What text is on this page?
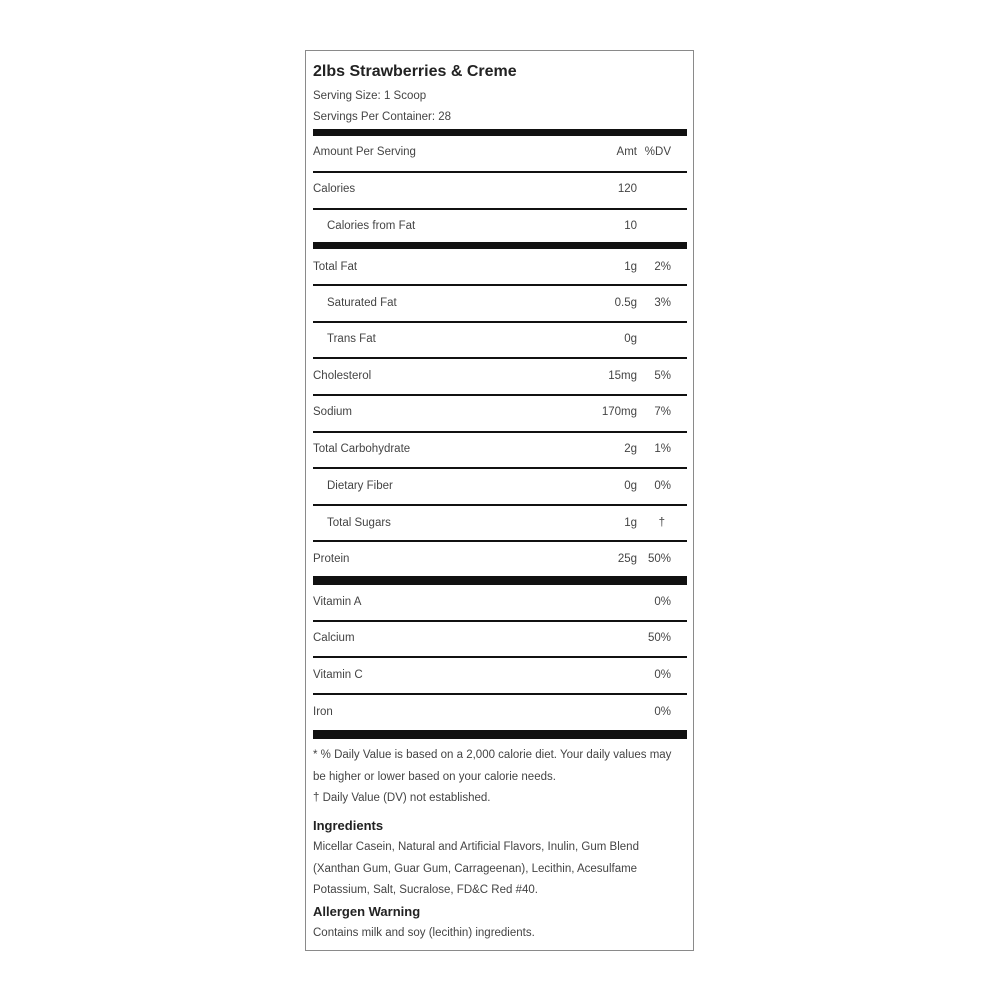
2lbs Strawberries & Creme
Serving Size: 1 Scoop
Servings Per Container: 28
Amount Per Serving	Amt %DV
Calories	120
Calories from Fat	10
Total Fat	1g 2%
Saturated Fat	0.5g 3%
Trans Fat	0g
Cholesterol	15mg 5%
Sodium	170mg 7%
Total Carbohydrate	2g 1%
Dietary Fiber	0g 0%
Total Sugars	1g †
Protein	25g 50%
Vitamin A	0%
Calcium	50%
Vitamin C	0%
Iron	0%
* % Daily Value is based on a 2,000 calorie diet. Your daily values may
be higher or lower based on your calorie needs.
† Daily Value (DV) not established.
Ingredients
Micellar Casein, Natural and Artificial Flavors, Inulin, Gum Blend
(Xanthan Gum, Guar Gum, Carrageenan), Lecithin, Acesulfame
Potassium, Salt, Sucralose, FD&C Red #40.
Allergen Warning
Contains milk and soy (lecithin) ingredients.
